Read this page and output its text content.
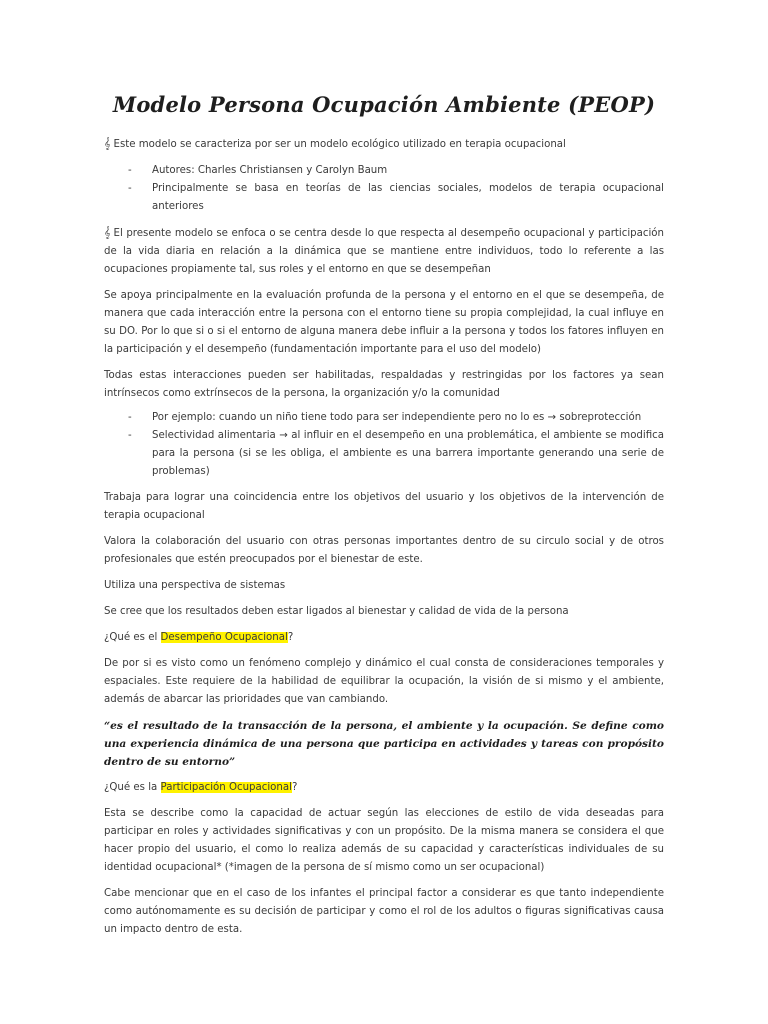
Modelo Persona Ocupación Ambiente (PEOP)

𝄞 Este modelo se caracteriza por ser un modelo ecológico utilizado en terapia ocupacional

- Autores: Charles Christiansen y Carolyn Baum
- Principalmente se basa en teorías de las ciencias sociales, modelos de terapia ocupacional anteriores

𝄞 El presente modelo se enfoca o se centra desde lo que respecta al desempeño ocupacional y participación de la vida diaria en relación a la dinámica que se mantiene entre individuos, todo lo referente a las ocupaciones propiamente tal, sus roles y el entorno en que se desempeñan

Se apoya principalmente en la evaluación profunda de la persona y el entorno en el que se desempeña, de manera que cada interacción entre la persona con el entorno tiene su propia complejidad, la cual influye en su DO. Por lo que si o si el entorno de alguna manera debe influir a la persona y todos los fatores influyen en la participación y el desempeño (fundamentación importante para el uso del modelo)

Todas estas interacciones pueden ser habilitadas, respaldadas y restringidas por los factores ya sean intrínsecos como extrínsecos de la persona, la organización y/o la comunidad

- Por ejemplo: cuando un niño tiene todo para ser independiente pero no lo es → sobreprotección
- Selectividad alimentaria → al influir en el desempeño en una problemática, el ambiente se modifica para la persona (si se les obliga, el ambiente es una barrera importante generando una serie de problemas)

Trabaja para lograr una coincidencia entre los objetivos del usuario y los objetivos de la intervención de terapia ocupacional

Valora la colaboración del usuario con otras personas importantes dentro de su circulo social y de otros profesionales que estén preocupados por el bienestar de este.

Utiliza una perspectiva de sistemas

Se cree que los resultados deben estar ligados al bienestar y calidad de vida de la persona

¿Qué es el Desempeño Ocupacional?

De por si es visto como un fenómeno complejo y dinámico el cual consta de consideraciones temporales y espaciales. Este requiere de la habilidad de equilibrar la ocupación, la visión de si mismo y el ambiente, además de abarcar las prioridades que van cambiando.

“es el resultado de la transacción de la persona, el ambiente y la ocupación. Se define como una experiencia dinámica de una persona que participa en actividades y tareas con propósito dentro de su entorno”

¿Qué es la Participación Ocupacional?

Esta se describe como la capacidad de actuar según las elecciones de estilo de vida deseadas para participar en roles y actividades significativas y con un propósito. De la misma manera se considera el que hacer propio del usuario, el como lo realiza además de su capacidad y características individuales de su identidad ocupacional* (*imagen de la persona de sí mismo como un ser ocupacional)

Cabe mencionar que en el caso de los infantes el principal factor a considerar es que tanto independiente como autónomamente es su decisión de participar y como el rol de los adultos o figuras significativas causa un impacto dentro de esta.
